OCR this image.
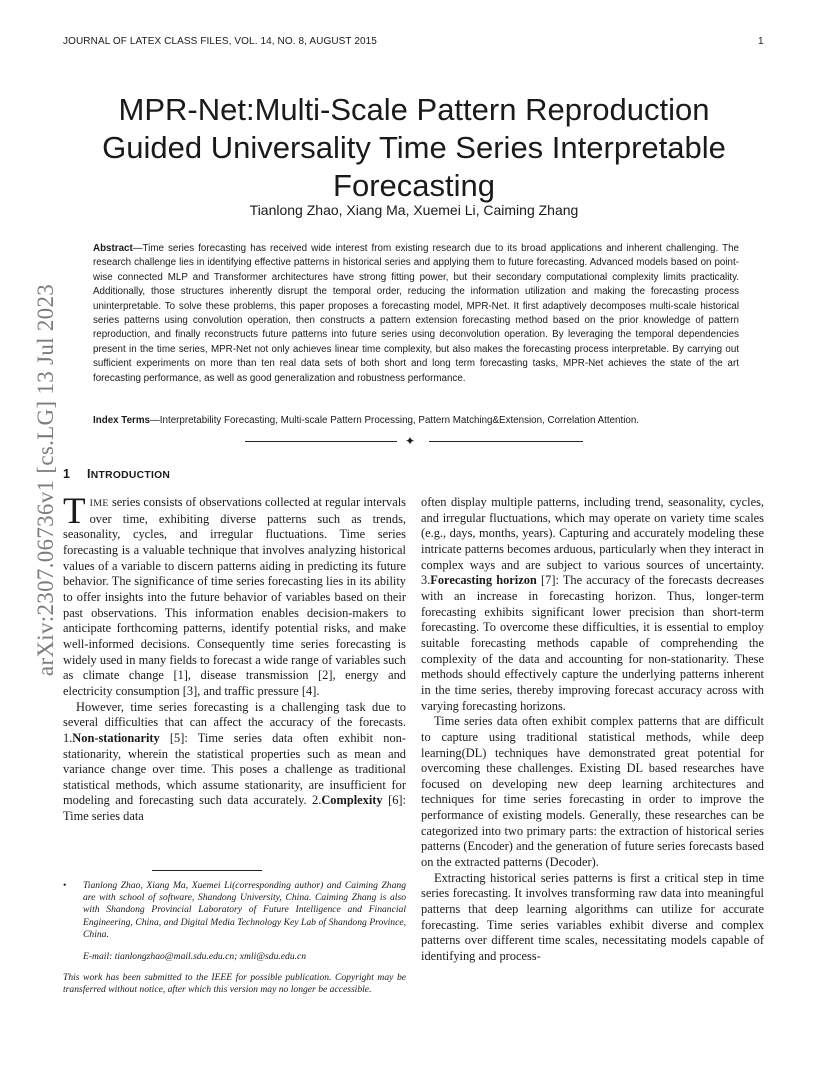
JOURNAL OF LATEX CLASS FILES, VOL. 14, NO. 8, AUGUST 2015	1
arXiv:2307.06736v1 [cs.LG] 13 Jul 2023
MPR-Net:Multi-Scale Pattern Reproduction
Guided Universality Time Series Interpretable
Forecasting
Tianlong Zhao, Xiang Ma, Xuemei Li, Caiming Zhang

Abstract—Time series forecasting has received wide interest from existing research due to its broad applications and inherent challenging. The research challenge lies in identifying effective patterns in historical series and applying them to future forecasting. Advanced models based on point-wise connected MLP and Transformer architectures have strong fitting power, but their secondary computational complexity limits practicality. Additionally, those structures inherently disrupt the temporal order, reducing the information utilization and making the forecasting process uninterpretable. To solve these problems, this paper proposes a forecasting model, MPR-Net. It first adaptively decomposes multi-scale historical series patterns using convolution operation, then constructs a pattern extension forecasting method based on the prior knowledge of pattern reproduction, and finally reconstructs future patterns into future series using deconvolution operation. By leveraging the temporal dependencies present in the time series, MPR-Net not only achieves linear time complexity, but also makes the forecasting process interpretable. By carrying out sufficient experiments on more than ten real data sets of both short and long term forecasting tasks, MPR-Net achieves the state of the art forecasting performance, as well as good generalization and robustness performance.

Index Terms—Interpretability Forecasting, Multi-scale Pattern Processing, Pattern Matching&Extension, Correlation Attention.

✦
1 INTRODUCTION

TIME series consists of observations collected at regular intervals over time, exhibiting diverse patterns such as trends, seasonality, cycles, and irregular fluctuations. Time series forecasting is a valuable technique that involves analyzing historical values of a variable to discern patterns aiding in predicting its future behavior. The significance of time series forecasting lies in its ability to offer insights into the future behavior of variables based on their past observations. This information enables decision-makers to anticipate forthcoming patterns, identify potential risks, and make well-informed decisions. Consequently time series forecasting is widely used in many fields to forecast a wide range of variables such as climate change [1], disease transmission [2], energy and electricity consumption [3], and traffic pressure [4].

However, time series forecasting is a challenging task due to several difficulties that can affect the accuracy of the forecasts. 1.Non-stationarity [5]: Time series data often exhibit non-stationarity, wherein the statistical properties such as mean and variance change over time. This poses a challenge as traditional statistical methods, which assume stationarity, are insufficient for modeling and forecasting such data accurately. 2.Complexity [6]: Time series data

often display multiple patterns, including trend, seasonality, cycles, and irregular fluctuations, which may operate on variety time scales (e.g., days, months, years). Capturing and accurately modeling these intricate patterns becomes arduous, particularly when they interact in complex ways and are subject to various sources of uncertainty. 3.Forecasting horizon [7]: The accuracy of the forecasts decreases with an increase in forecasting horizon. Thus, longer-term forecasting exhibits significant lower precision than short-term forecasting. To overcome these difficulties, it is essential to employ suitable forecasting methods capable of comprehending the complexity of the data and accounting for non-stationarity. These methods should effectively capture the underlying patterns inherent in the time series, thereby improving forecast accuracy across with varying forecasting horizons.

Time series data often exhibit complex patterns that are difficult to capture using traditional statistical methods, while deep learning(DL) techniques have demonstrated great potential for overcoming these challenges. Existing DL based researches have focused on developing new deep learning architectures and techniques for time series forecasting in order to improve the performance of existing models. Generally, these researches can be categorized into two primary parts: the extraction of historical series patterns (Encoder) and the generation of future series forecasts based on the extracted patterns (Decoder).

Extracting historical series patterns is first a critical step in time series forecasting. It involves transforming raw data into meaningful patterns that deep learning algorithms can utilize for accurate forecasting. Time series variables exhibit diverse and complex patterns over different time scales, necessitating models capable of identifying and process-

• Tianlong Zhao, Xiang Ma, Xuemei Li(corresponding author) and Caiming Zhang are with school of software, Shandong University, China. Caiming Zhang is also with Shandong Provincial Laboratory of Future Intelligence and Financial Engineering, China, and Digital Media Technology Key Lab of Shandong Province, China.
E-mail: tianlongzhao@mail.sdu.edu.cn; xmli@sdu.edu.cn
This work has been submitted to the IEEE for possible publication. Copyright may be transferred without notice, after which this version may no longer be accessible.
